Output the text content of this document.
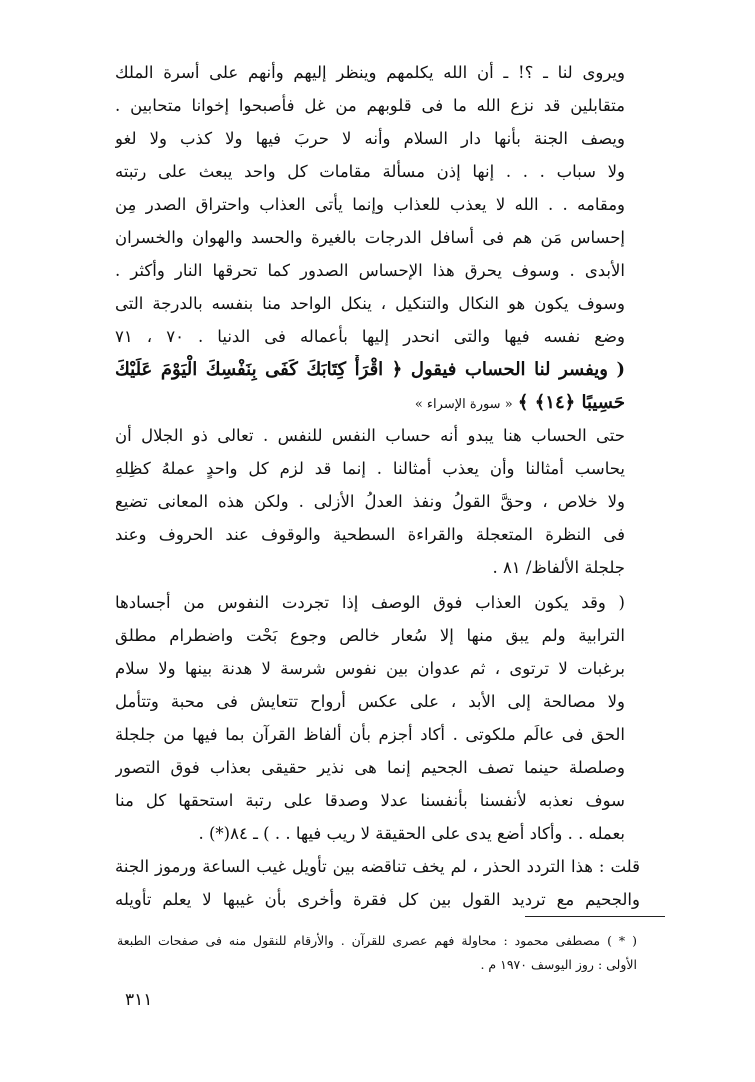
ويروى لنا ـ ؟! ـ أن الله يكلمهم وينظر إليهم وأنهم على أسرة الملك
متقابلين قد نزع الله ما فى قلوبهم من غل فأصبحوا إخوانا متحابين .
ويصف الجنة بأنها دار السلام وأنه لا حربَ فيها ولا كذب ولا لغو
ولا سباب . . . إنها إذن مسألة مقامات كل واحد يبعث على رتبته
ومقامه . . الله لا يعذب للعذاب وإنما يأتى العذاب واحتراق الصدر مِن
إحساس مَن هم فى أسافل الدرجات بالغيرة والحسد والهوان والخسران
الأبدى . وسوف يحرق هذا الإحساس الصدور كما تحرقها النار وأكثر .
وسوف يكون هو النكال والتنكيل ، ينكل الواحد منا بنفسه بالدرجة التى
وضع نفسه فيها والتى انحدر إليها بأعماله فى الدنيا . ٧٠ ، ٧١
( ويفسر لنا الحساب فيقول ﴿ اقْرَأْ كِتَابَكَ كَفَى بِنَفْسِكَ الْيَوْمَ عَلَيْكَ
حَسِيبًا ﴿١٤﴾ ﴾ « سورة الإسراء »
حتى الحساب هنا يبدو أنه حساب النفس للنفس . تعالى ذو الجلال أن
يحاسب أمثالنا وأن يعذب أمثالنا . إنما قد لزم كل واحدٍ عملهُ كظِلهِ
ولا خلاص ، وحقَّ القولُ ونفذ العدلُ الأزلى . ولكن هذه المعانى تضيع
فى النظرة المتعجلة والقراءة السطحية والوقوف عند الحروف وعند
جلجلة الألفاظ/ ٨١ .
( وقد يكون العذاب فوق الوصف إذا تجردت النفوس من أجسادها
الترابية ولم يبق منها إلا سُعار خالص وجوع بَحْت واضطرام مطلق
برغبات لا ترتوى ، ثم عدوان بين نفوس شرسة لا هدنة بينها ولا سلام
ولا مصالحة إلى الأبد ، على عكس أرواح تتعايش فى محبة وتتأمل
الحق فى عالَم ملكوتى . أكاد أجزم بأن ألفاظ القرآن بما فيها من جلجلة
وصلصلة حينما تصف الجحيم إنما هى نذير حقيقى بعذاب فوق التصور
سوف نعذبه لأنفسنا بأنفسنا عدلا وصدقا على رتبة استحقها كل منا
بعمله . . وأكاد أضع يدى على الحقيقة لا ريب فيها . . ) ـ ٨٤(*) .
قلت : هذا التردد الحذر ، لم يخف تناقضه بين تأويل غيب الساعة ورموز الجنة
والجحيم مع ترديد القول بين كل فقرة وأخرى بأن غيبها لا يعلم تأويله
( * ) مصطفى محمود : محاولة فهم عصرى للقرآن . والأرقام للنقول منه فى صفحات الطبعة
الأولى : روز اليوسف ١٩٧٠ م .
٣١١
